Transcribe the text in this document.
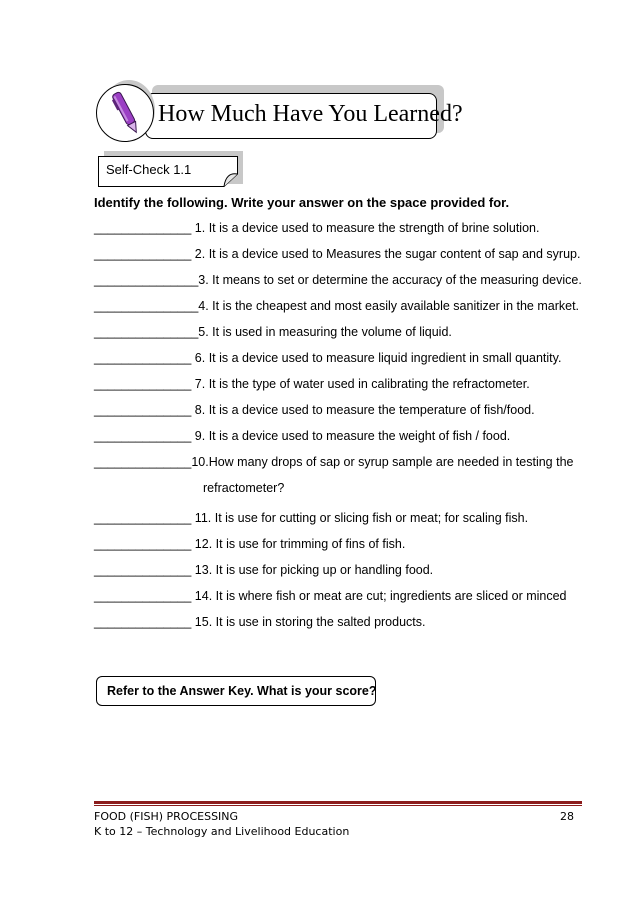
How Much Have You Learned?
Self-Check 1.1
Identify the following. Write your answer on the space provided for.
______________ 1. It is a device used to measure the strength of brine solution.
______________ 2. It is a device used to Measures the sugar content of sap and syrup.
_______________3. It means to set or determine the accuracy of the measuring device.
_______________4. It is the cheapest and most easily available sanitizer in the market.
_______________5. It is used in measuring the volume of liquid.
______________ 6. It is a device used to measure liquid ingredient in small quantity.
______________ 7. It is the type of water used in calibrating the refractometer.
______________ 8. It is a device used to measure the temperature of fish/food.
______________ 9. It is a device used to measure the weight of fish / food.
______________10.How many drops of sap or syrup sample are needed in testing the
refractometer?
______________ 11. It is use for cutting or slicing fish or meat; for scaling fish.
______________ 12. It is use for trimming of fins of fish.
______________ 13. It is use for picking up or handling food.
______________ 14. It is where fish or meat are cut; ingredients are sliced or minced
______________ 15. It is use in storing the salted products.
Refer to the Answer Key. What is your score?
FOOD (FISH) PROCESSING
K to 12 – Technology and Livelihood Education
28
